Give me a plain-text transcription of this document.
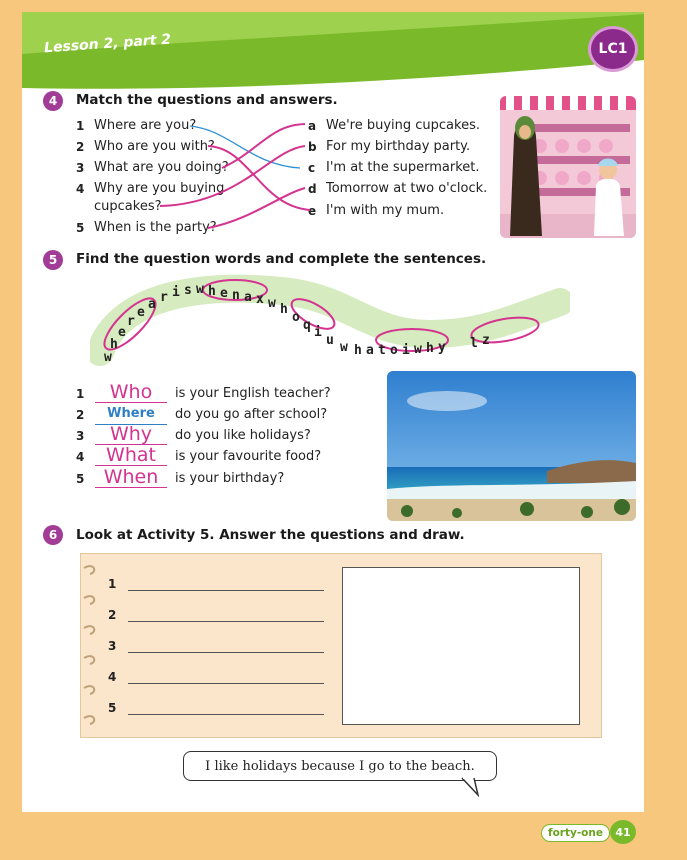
Lesson 2, part 2	LC1
4	Match the questions and answers.
1 Where are you?
2 Who are you with?
3 What are you doing?
4 Why are you buying
cupcakes?
5 When is the party?
a We're buying cupcakes.
b For my birthday party.
c I'm at the supermarket.
d Tomorrow at two o'clock.
e I'm with my mum.
5	Find the question words and complete the sentences.
w
h
e
r
e
a r i s w h e n a x w h
o
q i
u w h a t o i w h y l z
1	Who	is your English teacher?
2	Where	do you go after school?
3	Why	do you like holidays?
4	What	is your favourite food?
5	When	is your birthday?
6	Look at Activity 5. Answer the questions and draw.
1
2
3
4
5
I like holidays because I go to the beach.
forty-one	41
